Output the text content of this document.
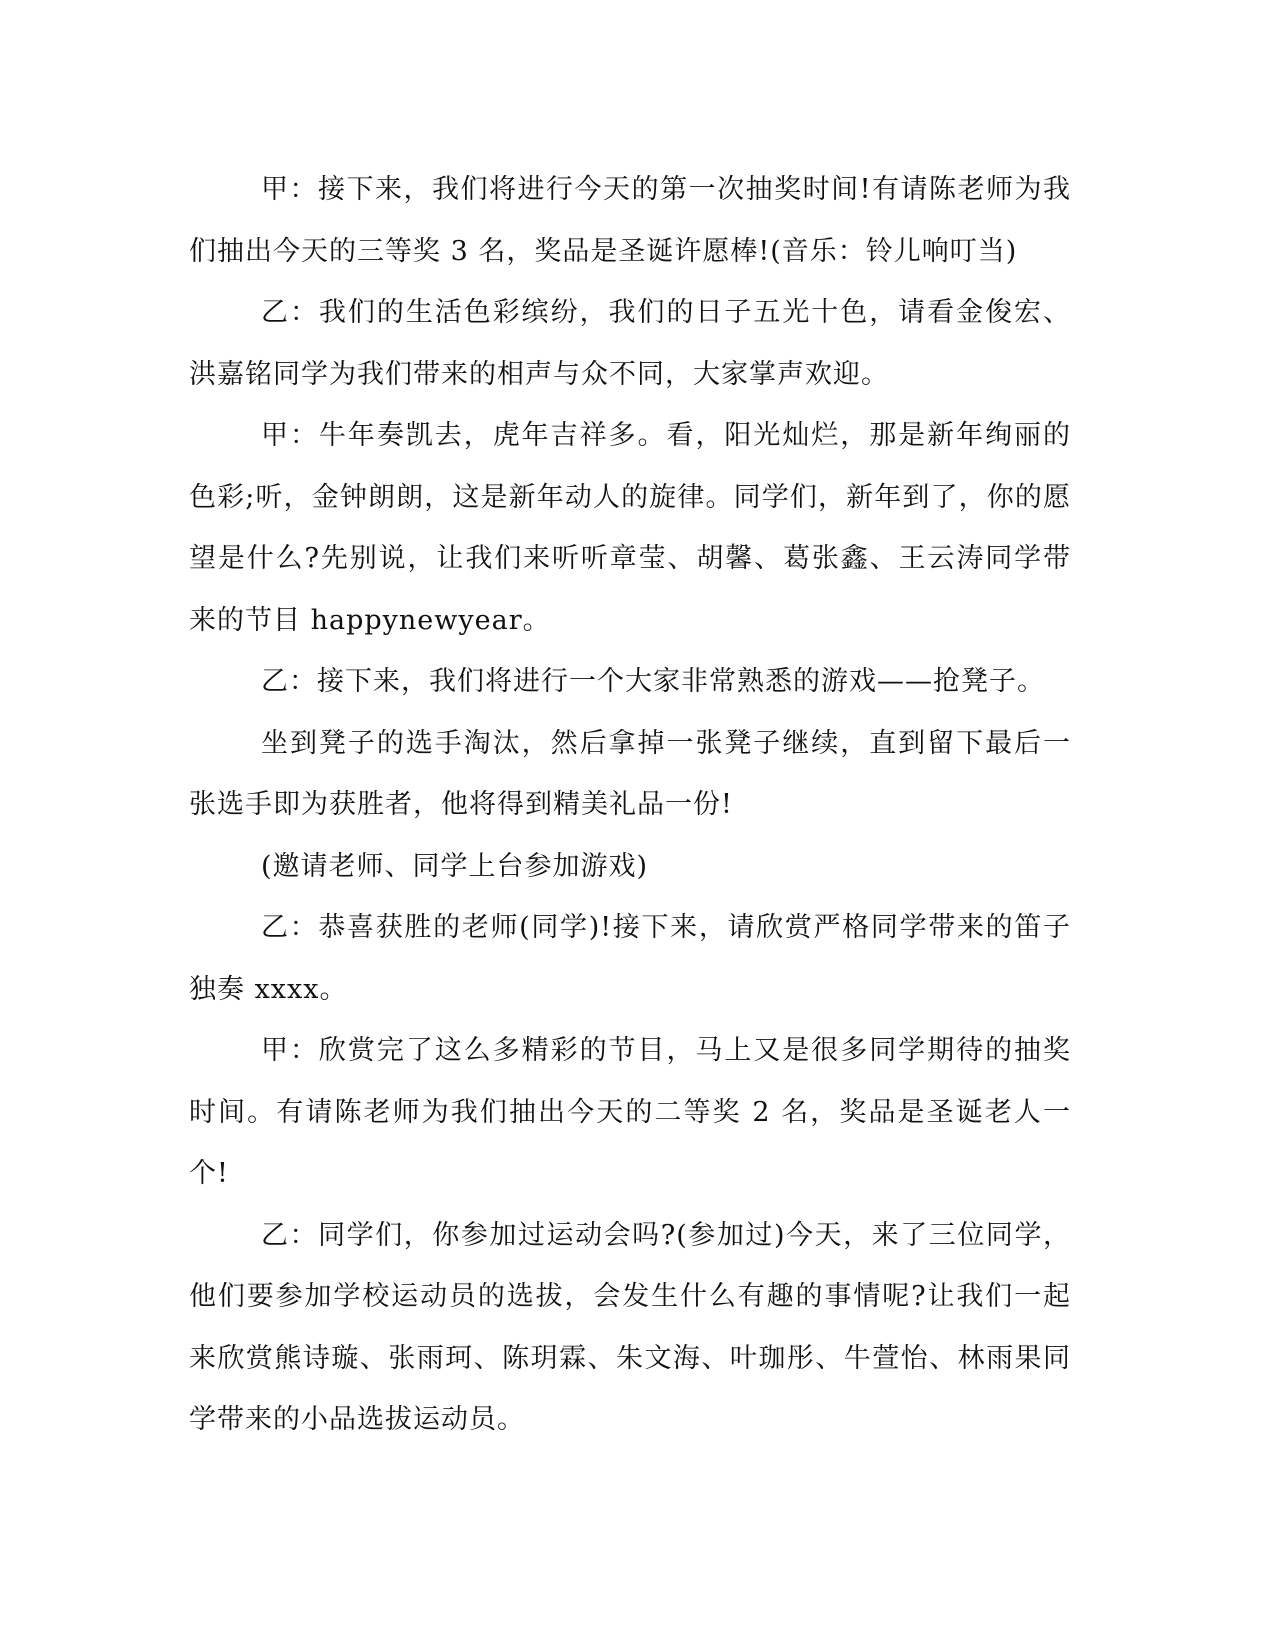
甲：接下来，我们将进行今天的第一次抽奖时间!有请陈老师为我们抽出今天的三等奖 3 名，奖品是圣诞许愿棒!(音乐：铃儿响叮当)

乙：我们的生活色彩缤纷，我们的日子五光十色，请看金俊宏、洪嘉铭同学为我们带来的相声与众不同，大家掌声欢迎。

甲：牛年奏凯去，虎年吉祥多。看，阳光灿烂，那是新年绚丽的色彩;听，金钟朗朗，这是新年动人的旋律。同学们，新年到了，你的愿望是什么?先别说，让我们来听听章莹、胡馨、葛张鑫、王云涛同学带来的节目 happynewyear。

乙：接下来，我们将进行一个大家非常熟悉的游戏——抢凳子。

坐到凳子的选手淘汰，然后拿掉一张凳子继续，直到留下最后一张选手即为获胜者，他将得到精美礼品一份!

(邀请老师、同学上台参加游戏)

乙：恭喜获胜的老师(同学)!接下来，请欣赏严格同学带来的笛子独奏 xxxx。

甲：欣赏完了这么多精彩的节目，马上又是很多同学期待的抽奖时间。有请陈老师为我们抽出今天的二等奖 2 名，奖品是圣诞老人一个!

乙：同学们，你参加过运动会吗?(参加过)今天，来了三位同学，他们要参加学校运动员的选拔，会发生什么有趣的事情呢?让我们一起来欣赏熊诗璇、张雨珂、陈玥霖、朱文海、叶珈彤、牛萱怡、林雨果同学带来的小品选拔运动员。
